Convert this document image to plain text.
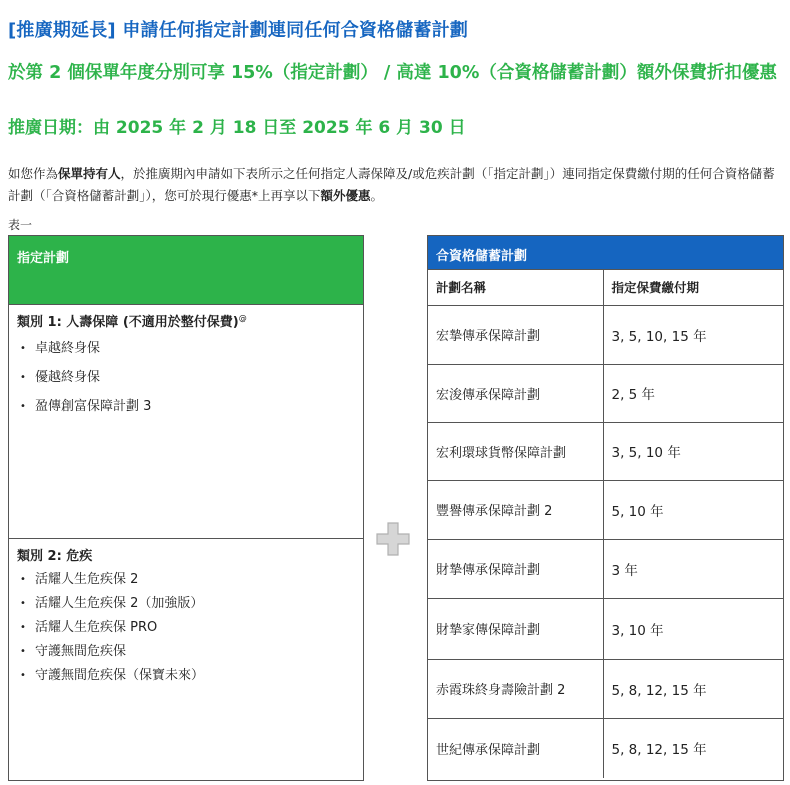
[推廣期延長] 申請任何指定計劃連同任何合資格儲蓄計劃
於第 2 個保單年度分別可享 15%（指定計劃） / 高達 10%（合資格儲蓄計劃）額外保費折扣優惠
推廣日期：由 2025 年 2 月 18 日至 2025 年 6 月 30 日
如您作為保單持有人，於推廣期內申請如下表所示之任何指定人壽保障及/或危疾計劃（「指定計劃」）連同指定保費繳付期的任何合資格儲蓄計劃（「合資格儲蓄計劃」），您可於現行優惠*上再享以下額外優惠。
表一
指定計劃
類別 1: 人壽保障 (不適用於整付保費)@
• 卓越終身保
• 優越終身保
• 盈傳創富保障計劃 3
類別 2: 危疾
• 活耀人生危疾保 2
• 活耀人生危疾保 2（加強版）
• 活耀人生危疾保 PRO
• 守護無間危疾保
• 守護無間危疾保（保寶未來）
合資格儲蓄計劃
計劃名稱	指定保費繳付期
宏摯傳承保障計劃	3, 5, 10, 15 年
宏浚傳承保障計劃	2, 5 年
宏利環球貨幣保障計劃	3, 5, 10 年
豐譽傳承保障計劃 2	5, 10 年
財摯傳承保障計劃	3 年
財摯家傳保障計劃	3, 10 年
赤霞珠終身壽險計劃 2	5, 8, 12, 15 年
世紀傳承保障計劃	5, 8, 12, 15 年
